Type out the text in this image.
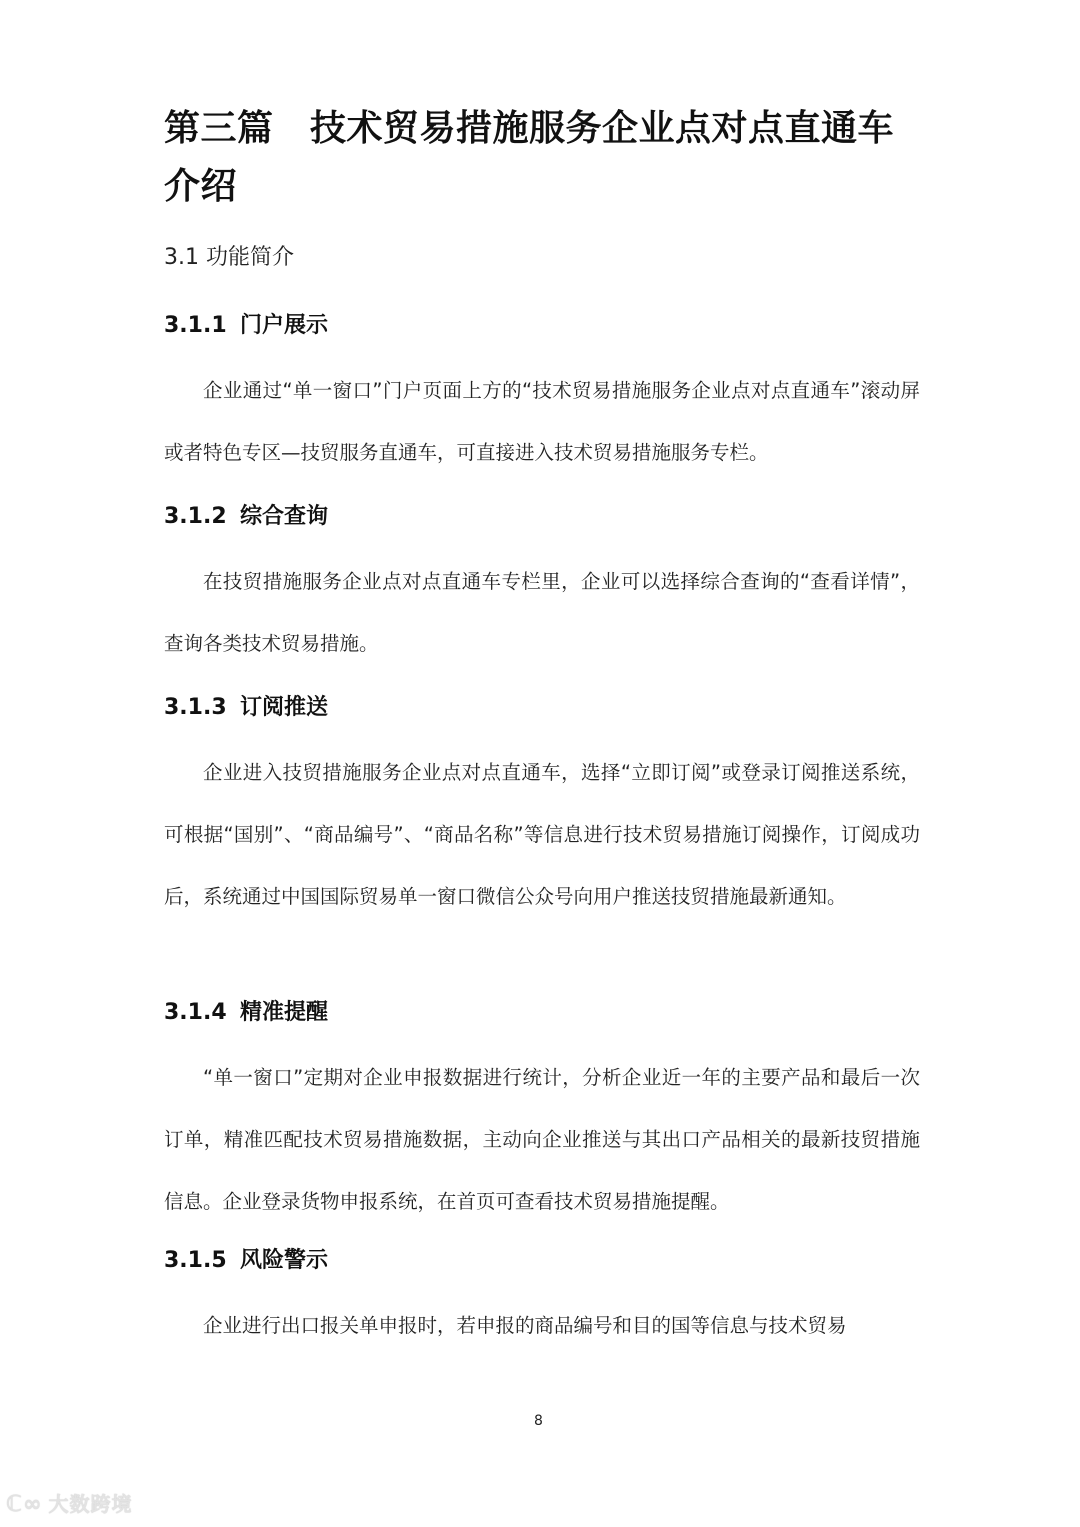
第三篇　技术贸易措施服务企业点对点直通车
介绍
3.1 功能简介
3.1.1 门户展示
企业通过“单一窗口”门户页面上方的“技术贸易措施服务企业点对点直通车”滚动屏或者特色专区—技贸服务直通车，可直接进入技术贸易措施服务专栏。
3.1.2 综合查询
在技贸措施服务企业点对点直通车专栏里，企业可以选择综合查询的“查看详情”，查询各类技术贸易措施。
3.1.3 订阅推送
企业进入技贸措施服务企业点对点直通车，选择“立即订阅”或登录订阅推送系统，可根据“国别”、“商品编号”、“商品名称”等信息进行技术贸易措施订阅操作，订阅成功后，系统通过中国国际贸易单一窗口微信公众号向用户推送技贸措施最新通知。
3.1.4 精准提醒
“单一窗口”定期对企业申报数据进行统计，分析企业近一年的主要产品和最后一次订单，精准匹配技术贸易措施数据，主动向企业推送与其出口产品相关的最新技贸措施信息。企业登录货物申报系统，在首页可查看技术贸易措施提醒。
3.1.5 风险警示
企业进行出口报关单申报时，若申报的商品编号和目的国等信息与技术贸易
8
ℂ∞ 大数跨境
